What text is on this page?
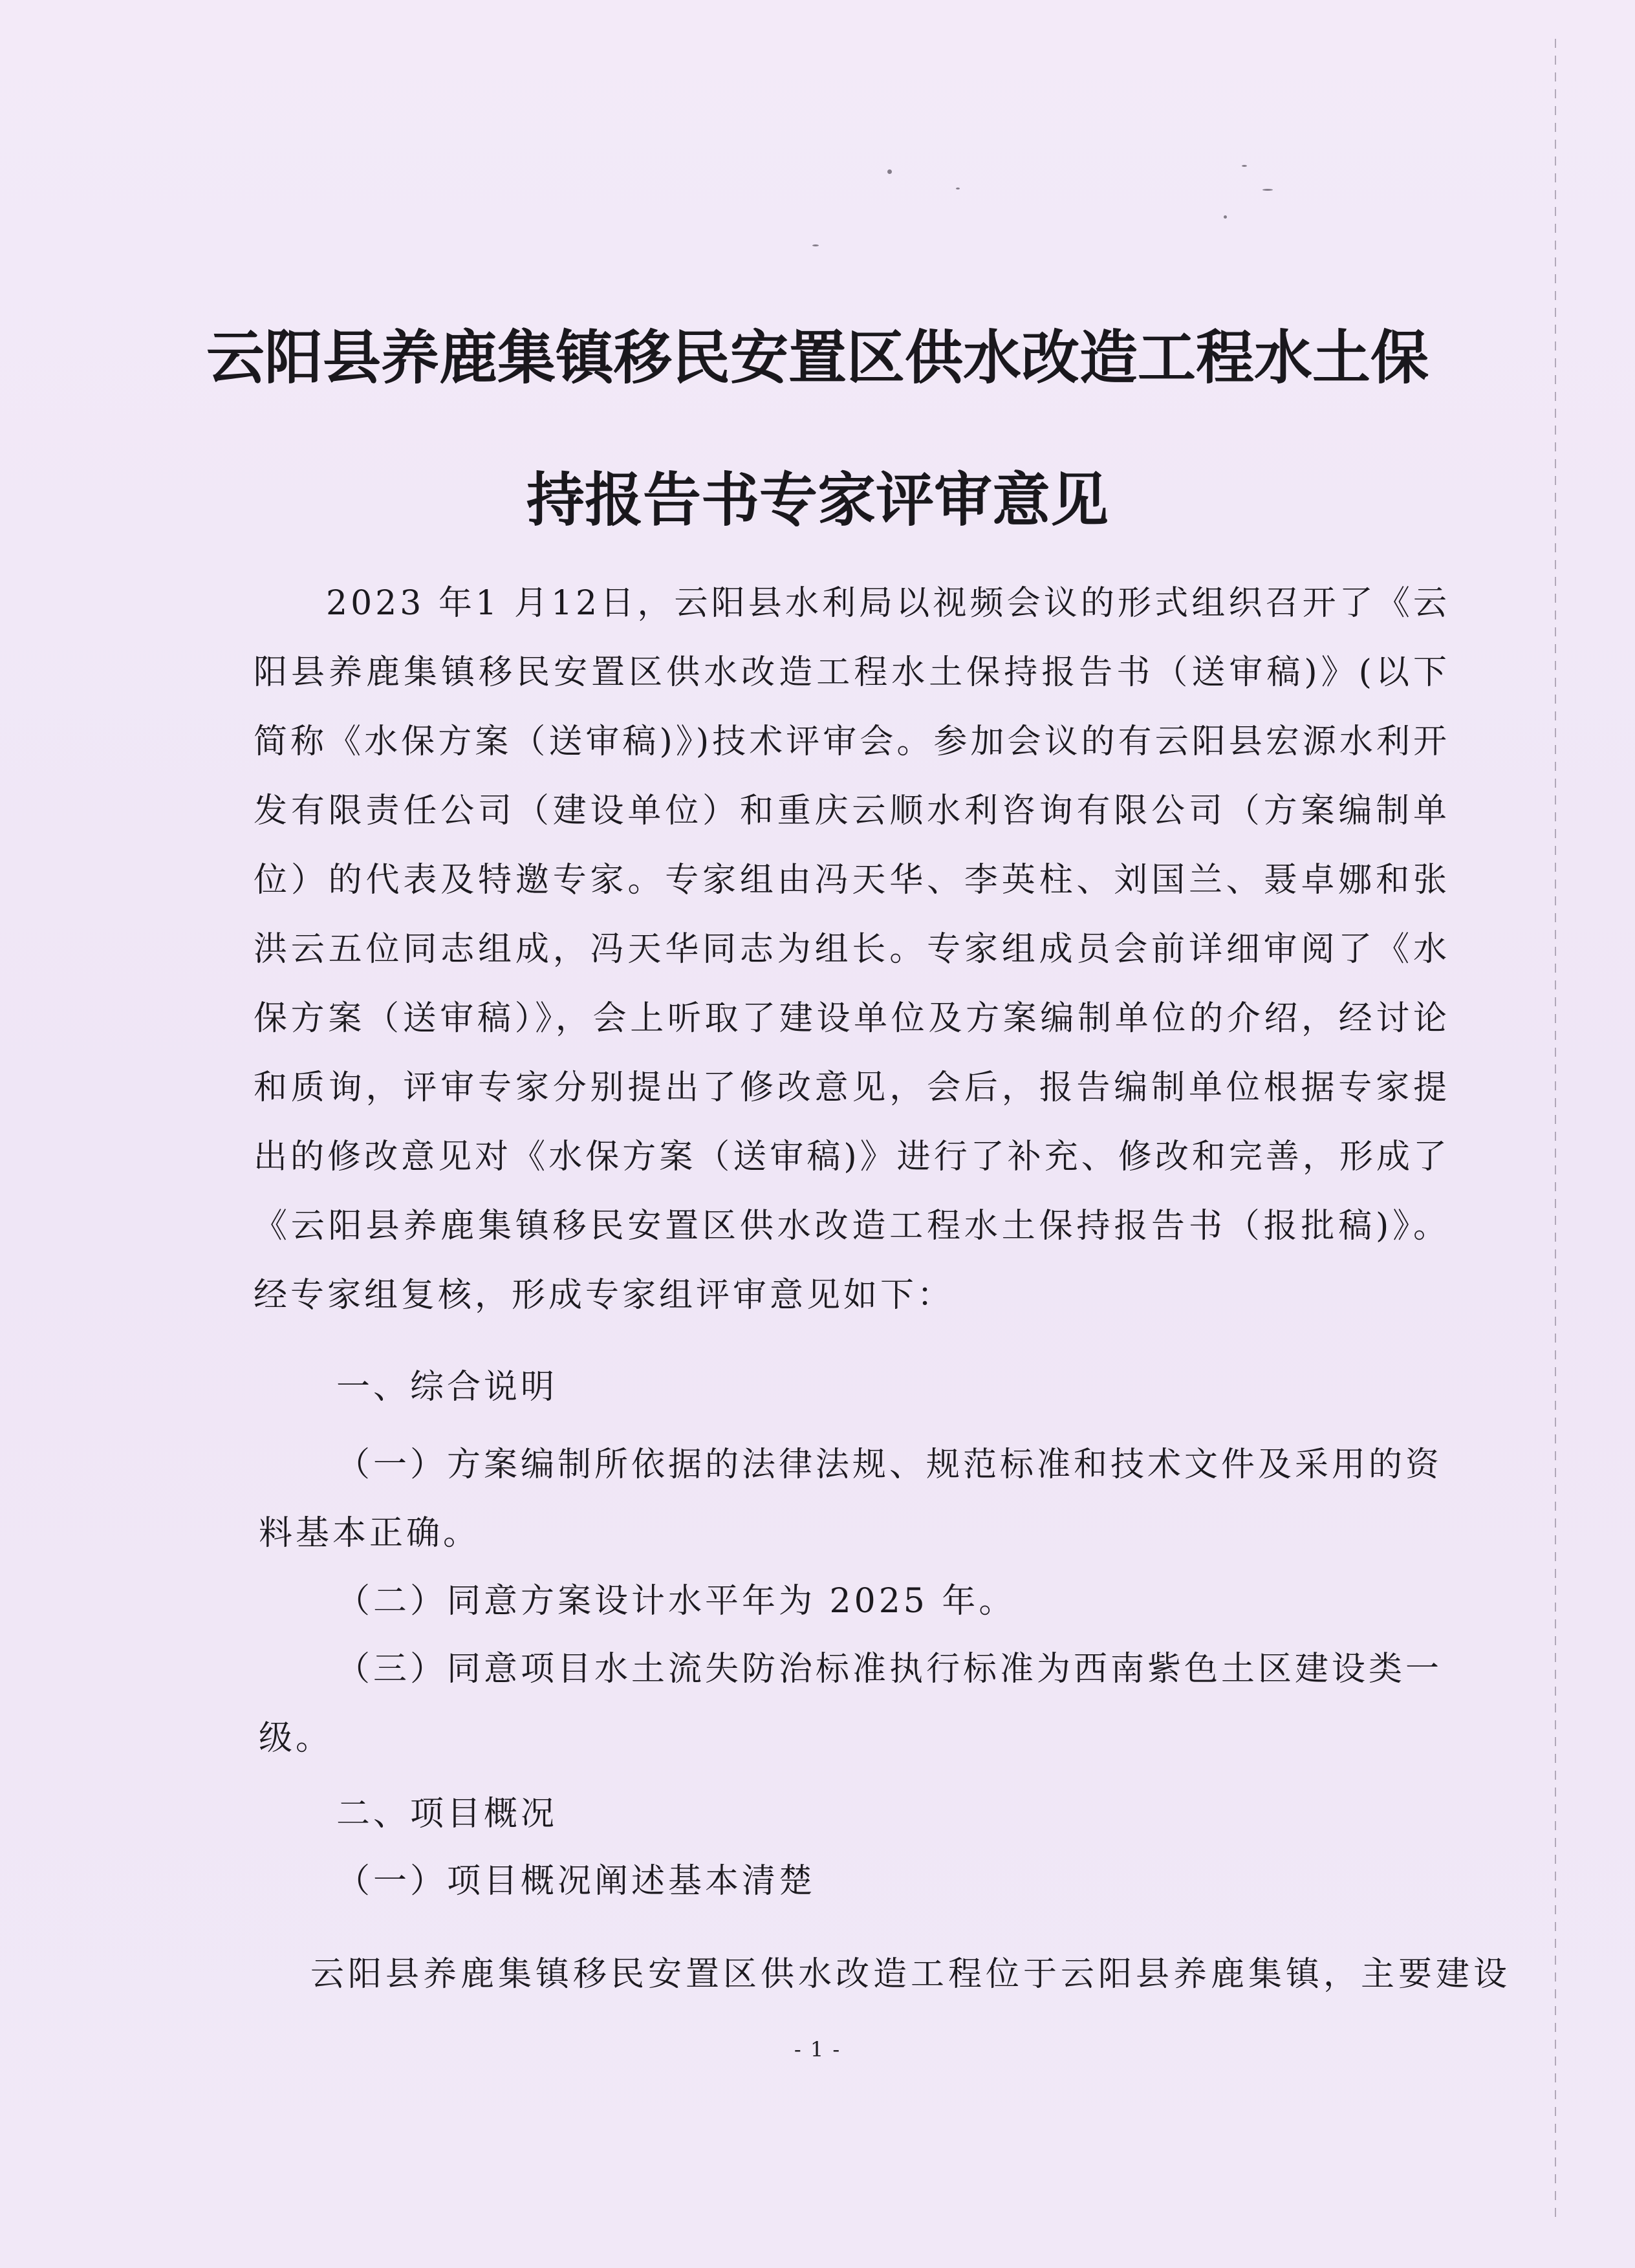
云阳县养鹿集镇移民安置区供水改造工程水土保
持报告书专家评审意见
2023 年1 月12日，云阳县水利局以视频会议的形式组织召开了《云阳县养鹿集镇移民安置区供水改造工程水土保持报告书（送审稿)》(以下简称《水保方案（送审稿)》)技术评审会。参加会议的有云阳县宏源水利开发有限责任公司（建设单位）和重庆云顺水利咨询有限公司（方案编制单位）的代表及特邀专家。专家组由冯天华、李英柱、刘国兰、聂卓娜和张洪云五位同志组成，冯天华同志为组长。专家组成员会前详细审阅了《水保方案（送审稿）》，会上听取了建设单位及方案编制单位的介绍，经讨论和质询，评审专家分别提出了修改意见，会后，报告编制单位根据专家提出的修改意见对《水保方案（送审稿)》进行了补充、修改和完善，形成了《云阳县养鹿集镇移民安置区供水改造工程水土保持报告书（报批稿)》。经专家组复核，形成专家组评审意见如下：
一、综合说明
（一）方案编制所依据的法律法规、规范标准和技术文件及采用的资
料基本正确。
（二）同意方案设计水平年为 2025 年。
（三）同意项目水土流失防治标准执行标准为西南紫色土区建设类一
级。
二、项目概况
（一）项目概况阐述基本清楚
云阳县养鹿集镇移民安置区供水改造工程位于云阳县养鹿集镇，主要建设
- 1 -
